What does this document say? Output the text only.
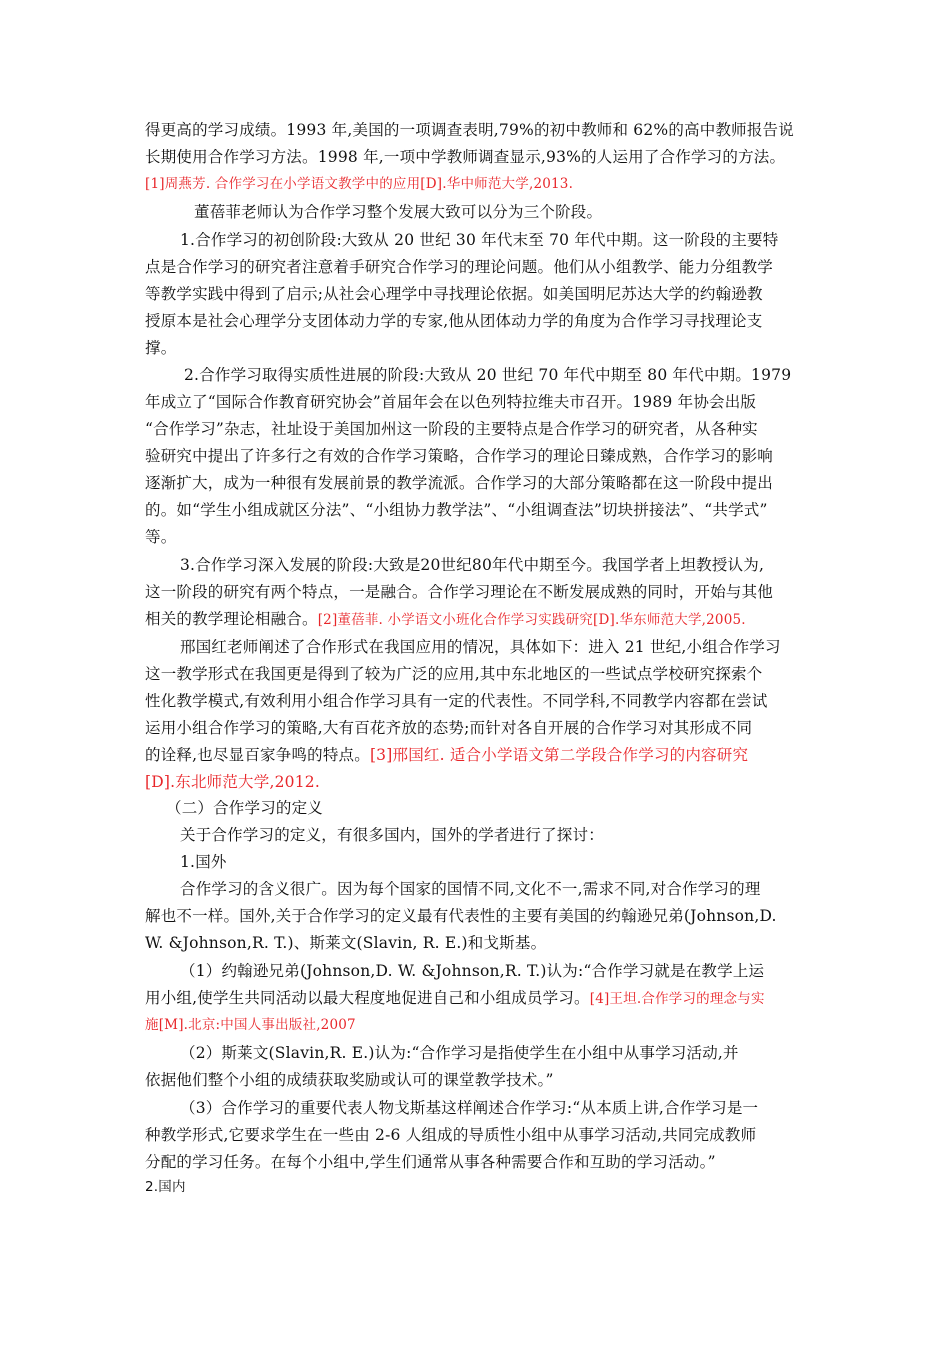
得更高的学习成绩。1993 年,美国的一项调查表明,79%的初中教师和 62%的高中教师报告说
长期使用合作学习方法。1998 年,一项中学教师调查显示,93%的人运用了合作学习的方法。
[1]周燕芳. 合作学习在小学语文教学中的应用[D].华中师范大学,2013.
董蓓菲老师认为合作学习整个发展大致可以分为三个阶段。
1.合作学习的初创阶段:大致从 20 世纪 30 年代末至 70 年代中期。这一阶段的主要特
点是合作学习的研究者注意着手研究合作学习的理论问题。他们从小组教学、能力分组教学
等教学实践中得到了启示;从社会心理学中寻找理论依据。如美国明尼苏达大学的约翰逊教
授原本是社会心理学分支团体动力学的专家,他从团体动力学的角度为合作学习寻找理论支
撑。
2.合作学习取得实质性进展的阶段:大致从 20 世纪 70 年代中期至 80 年代中期。1979
年成立了“国际合作教育研究协会”首届年会在以色列特拉维夫市召开。1989 年协会出版
“合作学习”杂志，社址设于美国加州这一阶段的主要特点是合作学习的研究者，从各种实
验研究中提出了许多行之有效的合作学习策略，合作学习的理论日臻成熟，合作学习的影响
逐渐扩大，成为一种很有发展前景的教学流派。合作学习的大部分策略都在这一阶段中提出
的。如“学生小组成就区分法”、“小组协力教学法”、“小组调查法”切块拼接法”、“共学式”
等。
3.合作学习深入发展的阶段:大致是20世纪80年代中期至今。我国学者上坦教授认为,
这一阶段的研究有两个特点，一是融合。合作学习理论在不断发展成熟的同时，开始与其他
相关的教学理论相融合。[2]董蓓菲. 小学语文小班化合作学习实践研究[D].华东师范大学,2005.
邢国红老师阐述了合作形式在我国应用的情况，具体如下：进入 21 世纪,小组合作学习
这一教学形式在我国更是得到了较为广泛的应用,其中东北地区的一些试点学校研究探索个
性化教学模式,有效利用小组合作学习具有一定的代表性。不同学科,不同教学内容都在尝试
运用小组合作学习的策略,大有百花齐放的态势;而针对各自开展的合作学习对其形成不同
的诠释,也尽显百家争鸣的特点。[3]邢国红. 适合小学语文第二学段合作学习的内容研究
[D].东北师范大学,2012.
（二）合作学习的定义
关于合作学习的定义，有很多国内，国外的学者进行了探讨：
1.国外
合作学习的含义很广。因为每个国家的国情不同,文化不一,需求不同,对合作学习的理
解也不一样。国外,关于合作学习的定义最有代表性的主要有美国的约翰逊兄弟(Johnson,D.
W. &Johnson,R. T.)、斯莱文(Slavin, R. E.)和戈斯基。
（1）约翰逊兄弟(Johnson,D. W. &Johnson,R. T.)认为:“合作学习就是在教学上运
用小组,使学生共同活动以最大程度地促进自己和小组成员学习。[4]王坦.合作学习的理念与实
施[M].北京:中国人事出版社,2007
（2）斯莱文(Slavin,R. E.)认为:“合作学习是指使学生在小组中从事学习活动,并
依据他们整个小组的成绩获取奖励或认可的课堂教学技术。”
（3）合作学习的重要代表人物戈斯基这样阐述合作学习:“从本质上讲,合作学习是一
种教学形式,它要求学生在一些由 2-6 人组成的导质性小组中从事学习活动,共同完成教师
分配的学习任务。在每个小组中,学生们通常从事各种需要合作和互助的学习活动。”
2.国内
